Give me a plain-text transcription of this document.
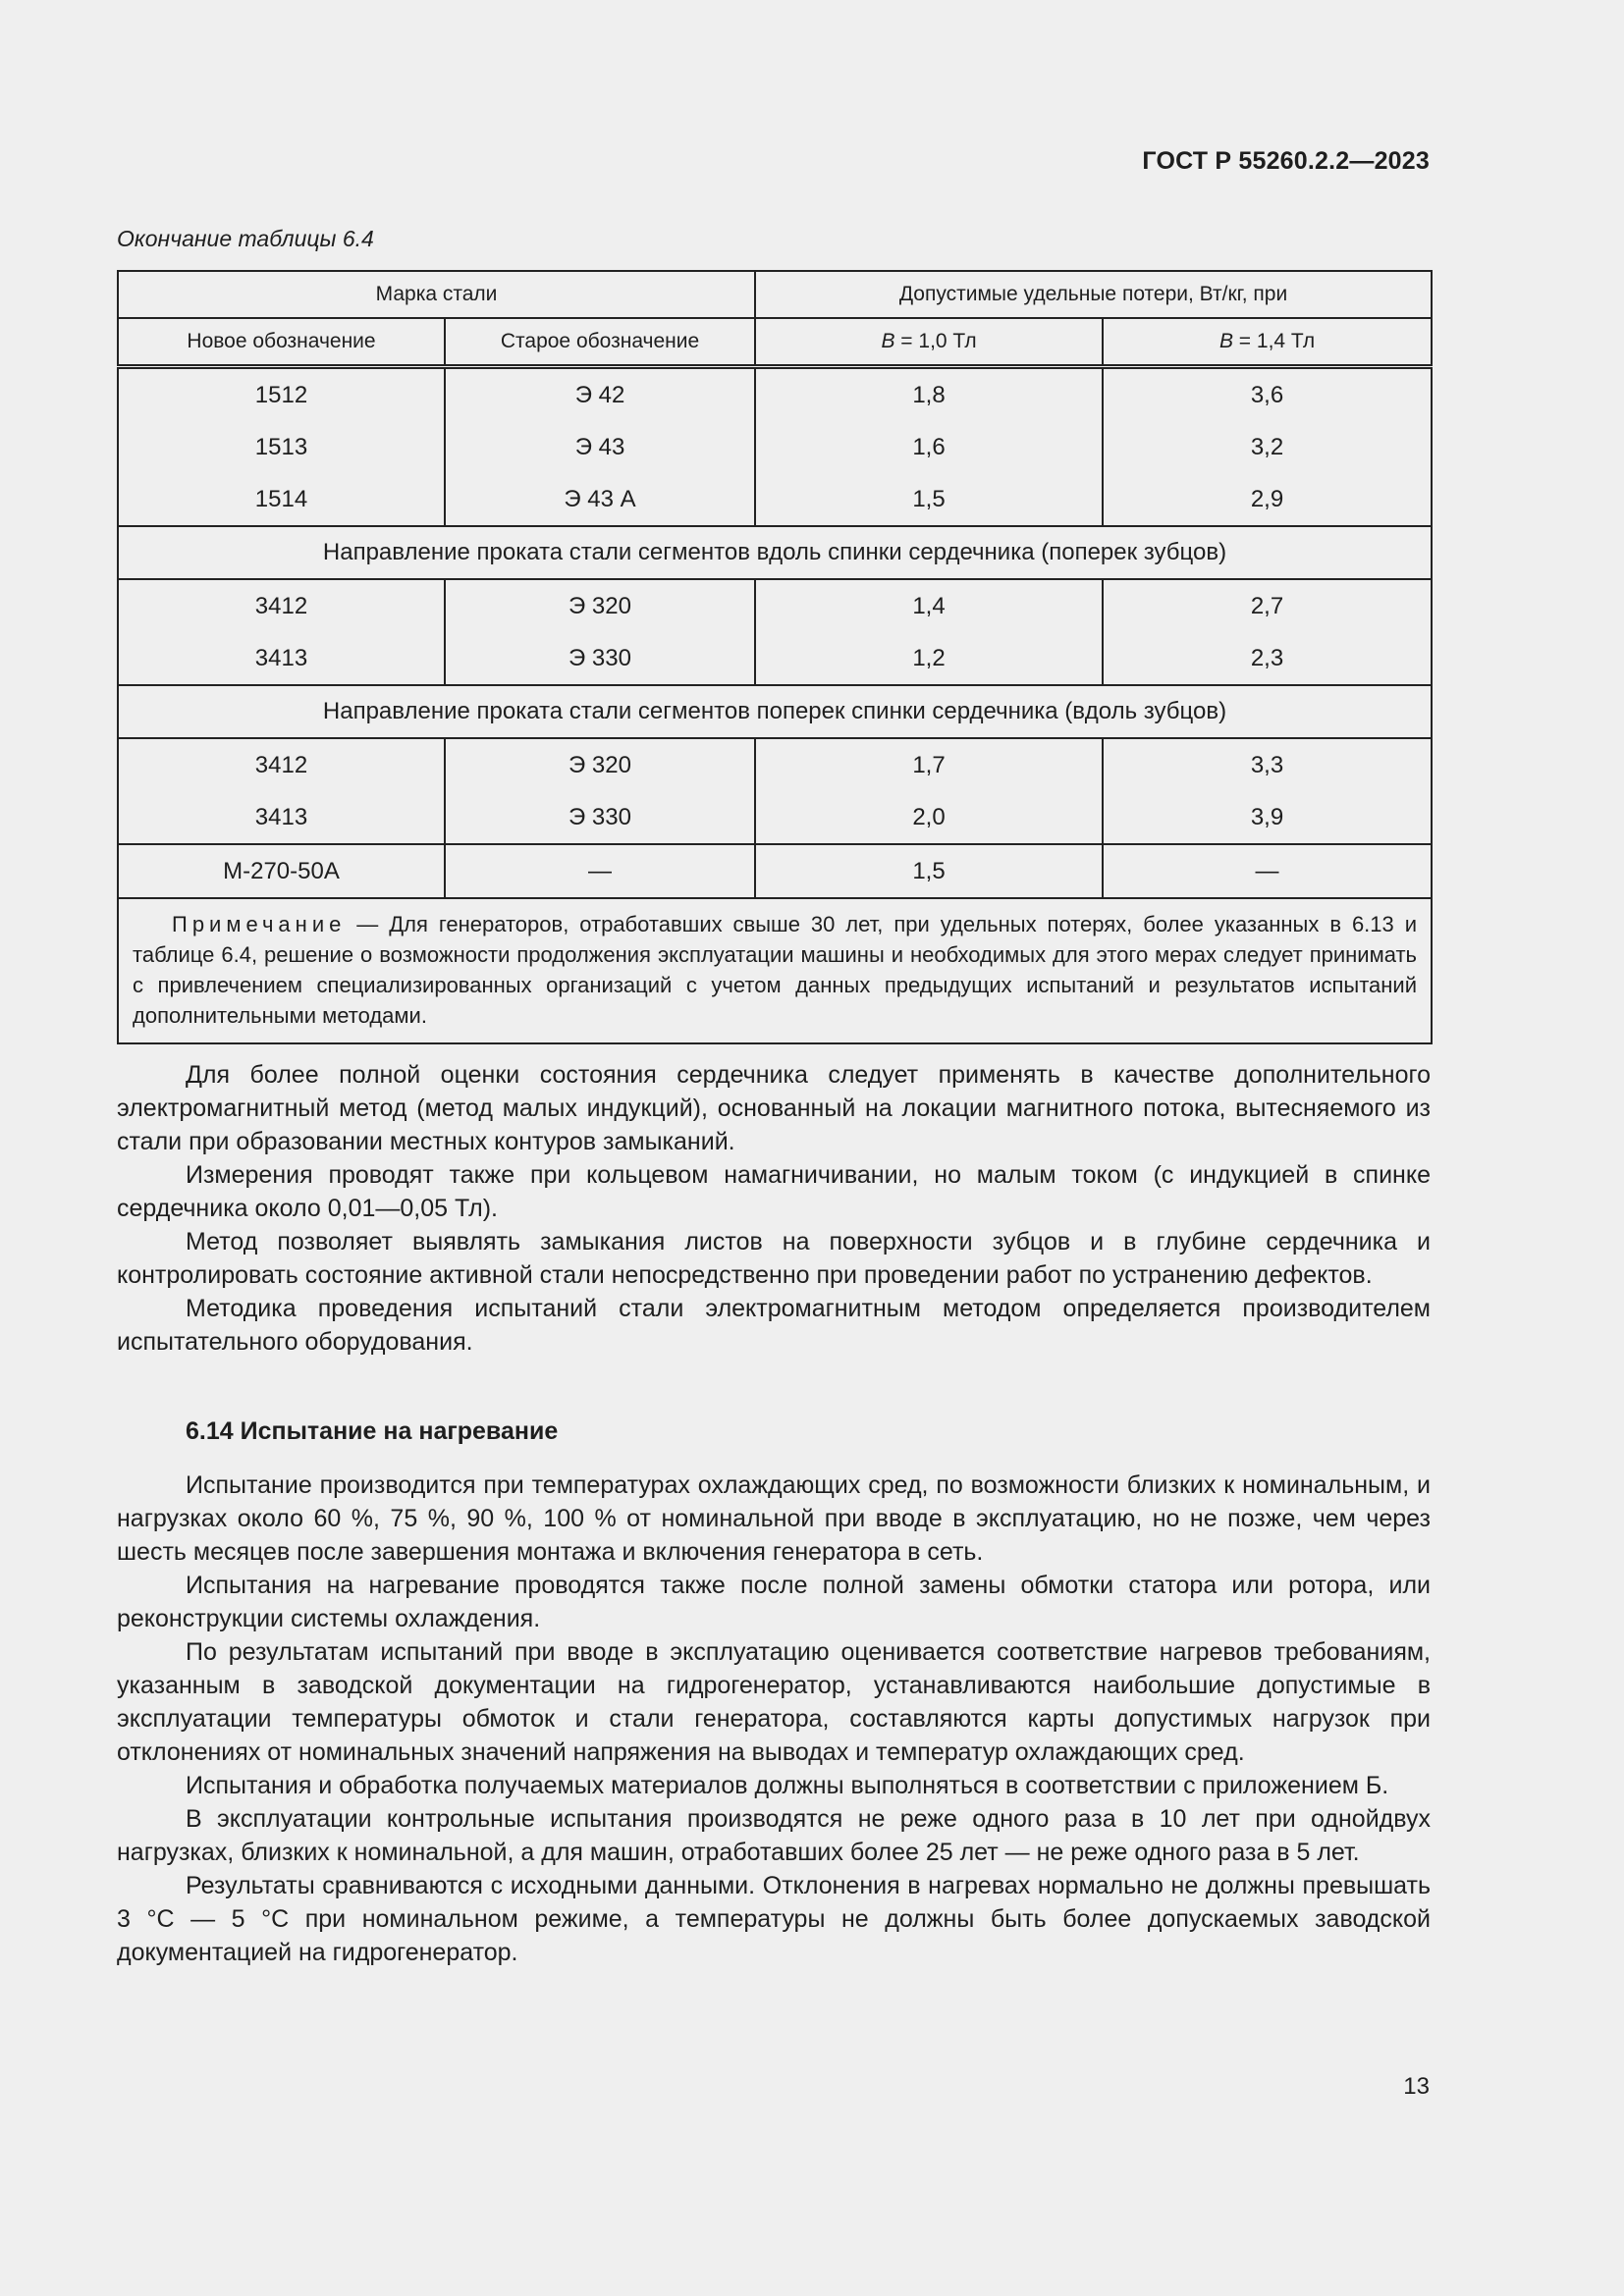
ГОСТ Р 55260.2.2—2023
Окончание таблицы 6.4
Марка стали		Допустимые удельные потери, Вт/кг, при	
Новое обозначение	Старое обозначение	B = 1,0 Тл	B = 1,4 Тл
1512	Э 42	1,8	3,6
1513	Э 43	1,6	3,2
1514	Э 43 А	1,5	2,9
Направление проката стали сегментов вдоль спинки сердечника (поперек зубцов)			
3412	Э 320	1,4	2,7
3413	Э 330	1,2	2,3
Направление проката стали сегментов поперек спинки сердечника (вдоль зубцов)			
3412	Э 320	1,7	3,3
3413	Э 330	2,0	3,9
M-270-50A	—	1,5	—
Примечание — Для генераторов, отработавших свыше 30 лет, при удельных потерях, более указанных в 6.13 и таблице 6.4, решение о возможности продолжения эксплуатации машины и необходимых для этого мерах следует принимать с привлечением специализированных организаций с учетом данных предыдущих испытаний и результатов испытаний дополнительными методами.			

Для более полной оценки состояния сердечника следует применять в качестве дополнительного электромагнитный метод (метод малых индукций), основанный на локации магнитного потока, вытесняемого из стали при образовании местных контуров замыканий.

Измерения проводят также при кольцевом намагничивании, но малым током (с индукцией в спинке сердечника около 0,01—0,05 Тл).

Метод позволяет выявлять замыкания листов на поверхности зубцов и в глубине сердечника и контролировать состояние активной стали непосредственно при проведении работ по устранению дефектов.

Методика проведения испытаний стали электромагнитным методом определяется производителем испытательного оборудования.

6.14 Испытание на нагревание

Испытание производится при температурах охлаждающих сред, по возможности близких к номинальным, и нагрузках около 60 %, 75 %, 90 %, 100 % от номинальной при вводе в эксплуатацию, но не позже, чем через шесть месяцев после завершения монтажа и включения генератора в сеть.

Испытания на нагревание проводятся также после полной замены обмотки статора или ротора, или реконструкции системы охлаждения.

По результатам испытаний при вводе в эксплуатацию оценивается соответствие нагревов требованиям, указанным в заводской документации на гидрогенератор, устанавливаются наибольшие допустимые в эксплуатации температуры обмоток и стали генератора, составляются карты допустимых нагрузок при отклонениях от номинальных значений напряжения на выводах и температур охлаждающих сред.

Испытания и обработка получаемых материалов должны выполняться в соответствии с приложением Б.

В эксплуатации контрольные испытания производятся не реже одного раза в 10 лет при однойдвух нагрузках, близких к номинальной, а для машин, отработавших более 25 лет — не реже одного раза в 5 лет.

Результаты сравниваются с исходными данными. Отклонения в нагревах нормально не должны превышать 3 °C — 5 °C при номинальном режиме, а температуры не должны быть более допускаемых заводской документацией на гидрогенератор.

13
